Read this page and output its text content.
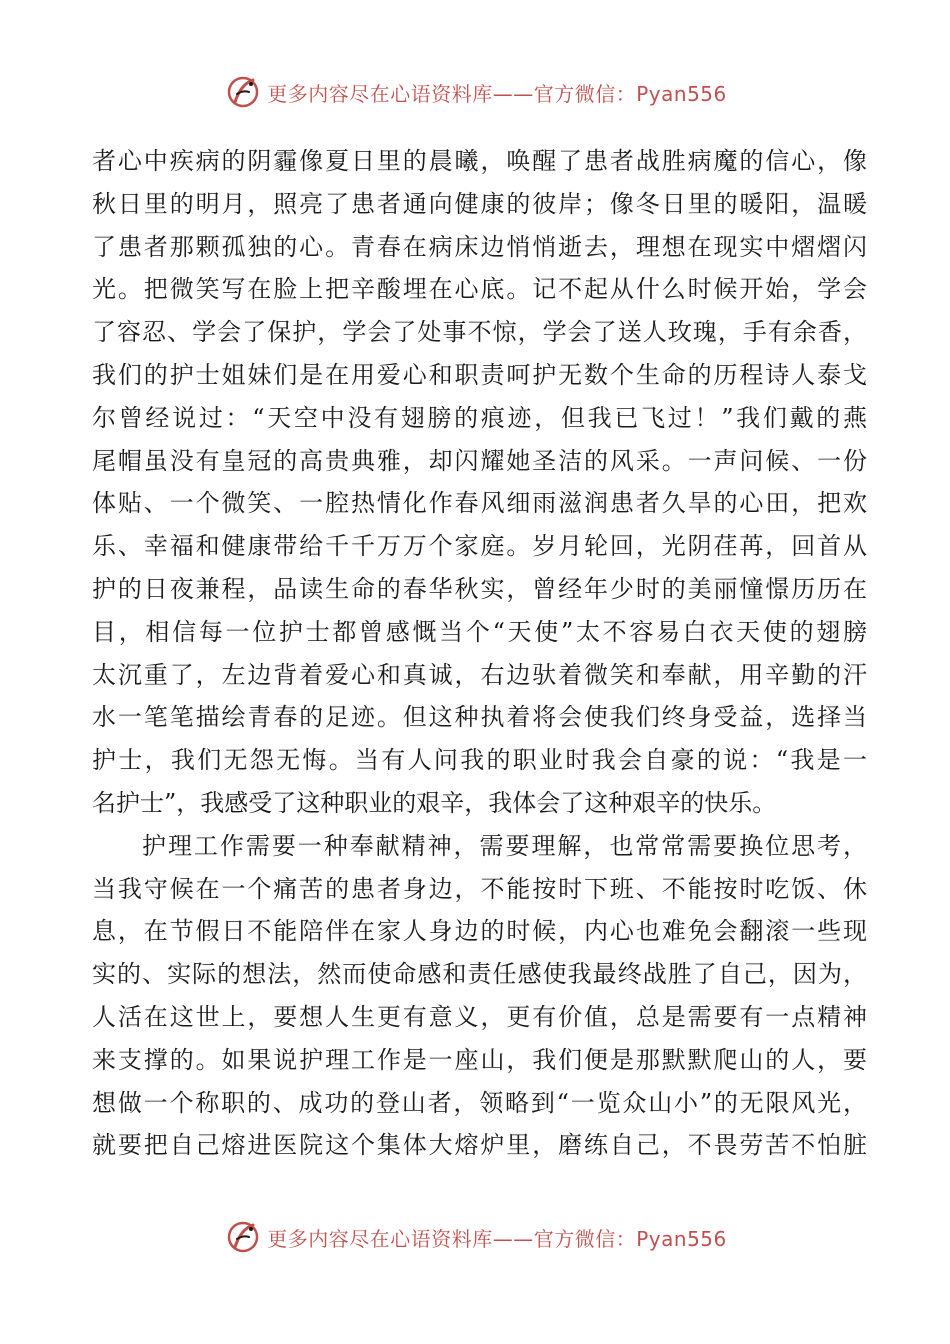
更多内容尽在心语资料库——官方微信：Pyan556
者心中疾病的阴霾像夏日里的晨曦，唤醒了患者战胜病魔的信心，像
秋日里的明月，照亮了患者通向健康的彼岸；像冬日里的暖阳，温暖
了患者那颗孤独的心。青春在病床边悄悄逝去，理想在现实中熠熠闪
光。把微笑写在脸上把辛酸埋在心底。记不起从什么时候开始，学会
了容忍、学会了保护，学会了处事不惊，学会了送人玫瑰，手有余香，
我们的护士姐妹们是在用爱心和职责呵护无数个生命的历程诗人泰戈
尔曾经说过：“天空中没有翅膀的痕迹，但我已飞过！”我们戴的燕
尾帽虽没有皇冠的高贵典雅，却闪耀她圣洁的风采。一声问候、一份
体贴、一个微笑、一腔热情化作春风细雨滋润患者久旱的心田，把欢
乐、幸福和健康带给千千万万个家庭。岁月轮回，光阴荏苒，回首从
护的日夜兼程，品读生命的春华秋实，曾经年少时的美丽憧憬历历在
目，相信每一位护士都曾感慨当个“天使”太不容易白衣天使的翅膀
太沉重了，左边背着爱心和真诚，右边驮着微笑和奉献，用辛勤的汗
水一笔笔描绘青春的足迹。但这种执着将会使我们终身受益，选择当
护士，我们无怨无悔。当有人问我的职业时我会自豪的说：“我是一
名护士”，我感受了这种职业的艰辛，我体会了这种艰辛的快乐。
护理工作需要一种奉献精神，需要理解，也常常需要换位思考，
当我守候在一个痛苦的患者身边，不能按时下班、不能按时吃饭、休
息，在节假日不能陪伴在家人身边的时候，内心也难免会翻滚一些现
实的、实际的想法，然而使命感和责任感使我最终战胜了自己，因为，
人活在这世上，要想人生更有意义，更有价值，总是需要有一点精神
来支撑的。如果说护理工作是一座山，我们便是那默默爬山的人，要
想做一个称职的、成功的登山者，领略到“一览众山小”的无限风光，
就要把自己熔进医院这个集体大熔炉里，磨练自己，不畏劳苦不怕脏
更多内容尽在心语资料库——官方微信：Pyan556
